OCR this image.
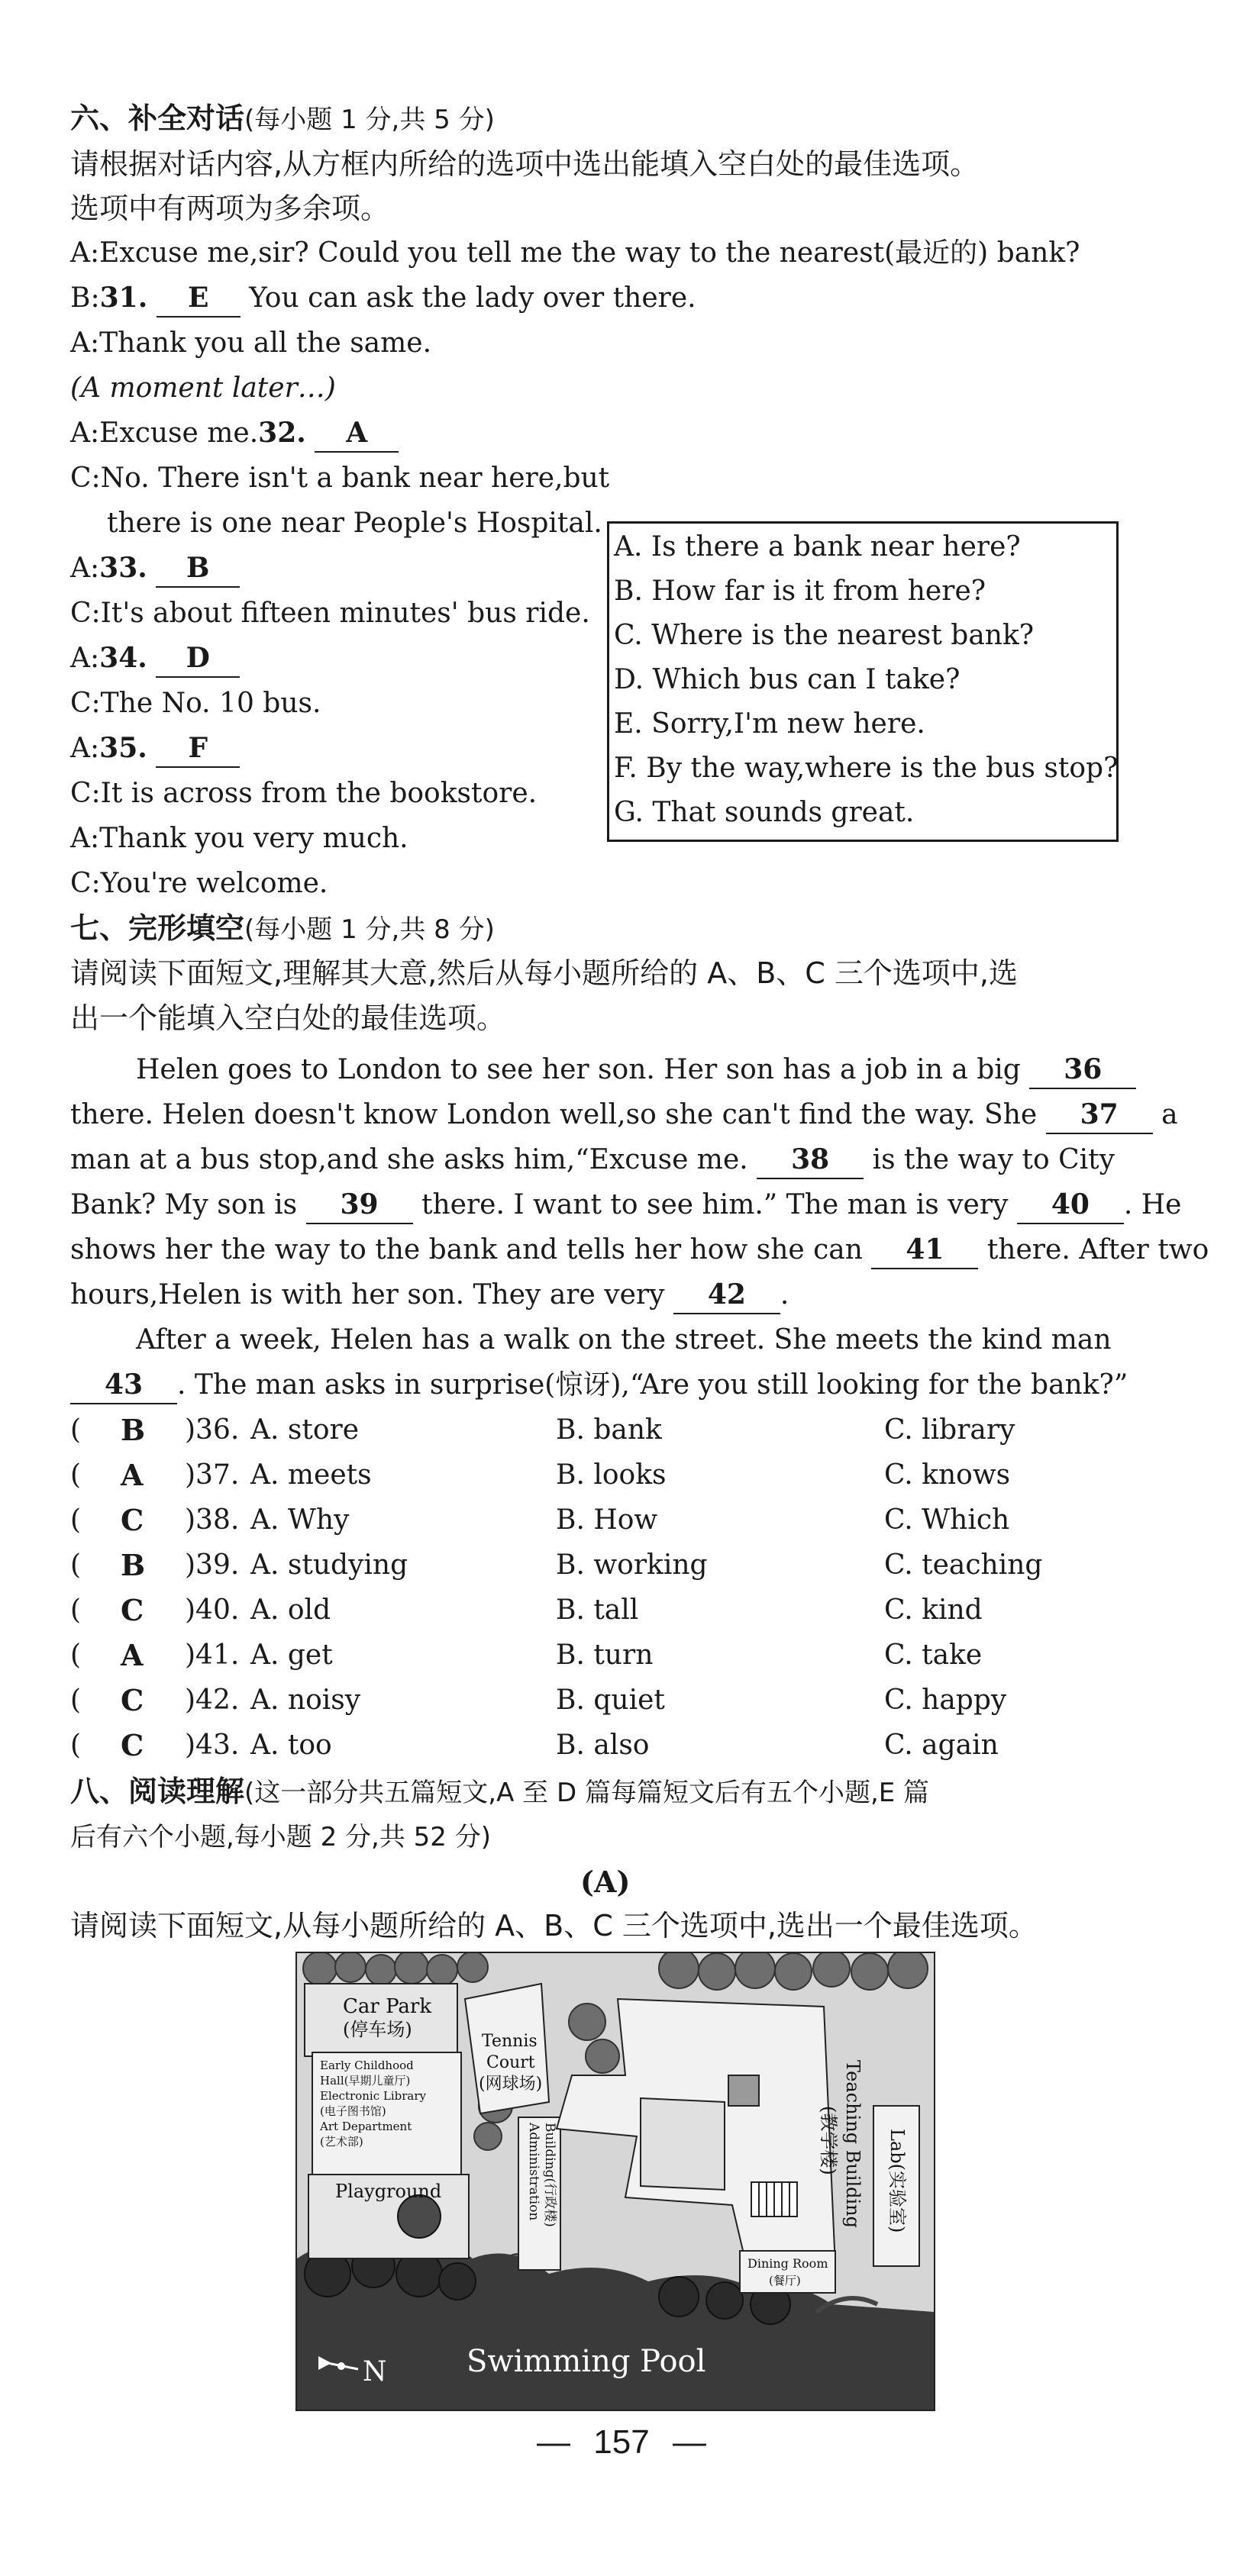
六、补全对话(每小题 1 分,共 5 分)
请根据对话内容,从方框内所给的选项中选出能填入空白处的最佳选项。
选项中有两项为多余项。
A:Excuse me,sir? Could you tell me the way to the nearest(最近的) bank?
B:31. E You can ask the lady over there.
A:Thank you all the same.
(A moment later…)
A:Excuse me.32. A
C:No. There isn't a bank near here,but
there is one near People's Hospital.
A:33. B
C:It's about fifteen minutes' bus ride.
A:34. D
C:The No. 10 bus.
A:35. F
C:It is across from the bookstore.
A:Thank you very much.
C:You're welcome.
A. Is there a bank near here?
B. How far is it from here?
C. Where is the nearest bank?
D. Which bus can I take?
E. Sorry,I'm new here.
F. By the way,where is the bus stop?
G. That sounds great.
七、完形填空(每小题 1 分,共 8 分)
请阅读下面短文,理解其大意,然后从每小题所给的 A、B、C 三个选项中,选
出一个能填入空白处的最佳选项。
Helen goes to London to see her son. Her son has a job in a big 36
there. Helen doesn't know London well,so she can't find the way. She 37 a
man at a bus stop,and she asks him,“Excuse me. 38 is the way to City
Bank? My son is 39 there. I want to see him.” The man is very 40 . He
shows her the way to the bank and tells her how she can 41 there. After two
hours,Helen is with her son. They are very 42 .
After a week, Helen has a walk on the street. She meets the kind man
43 . The man asks in surprise(惊讶),“Are you still looking for the bank?”
( B )36. A. store	B. bank	C. library
( A )37. A. meets	B. looks	C. knows
( C )38. A. Why	B. How	C. Which
( B )39. A. studying	B. working	C. teaching
( C )40. A. old	B. tall	C. kind
( A )41. A. get	B. turn	C. take
( C )42. A. noisy	B. quiet	C. happy
( C )43. A. too	B. also	C. again
八、阅读理解(这一部分共五篇短文,A 至 D 篇每篇短文后有五个小题,E 篇
后有六个小题,每小题 2 分,共 52 分)
(A)
请阅读下面短文,从每小题所给的 A、B、C 三个选项中,选出一个最佳选项。
Car Park
(停车场)
Tennis
Court
(网球场)
Early Childhood
Hall(早期儿童厅)
Electronic Library
(电子图书馆)
Art Department
(艺术部)
Playground	Administration Building(行政楼)	Teaching Building
(教学楼)	Lab(实验室)
Dining Room
(餐厅)
Swimming Pool
N
— 157 —
